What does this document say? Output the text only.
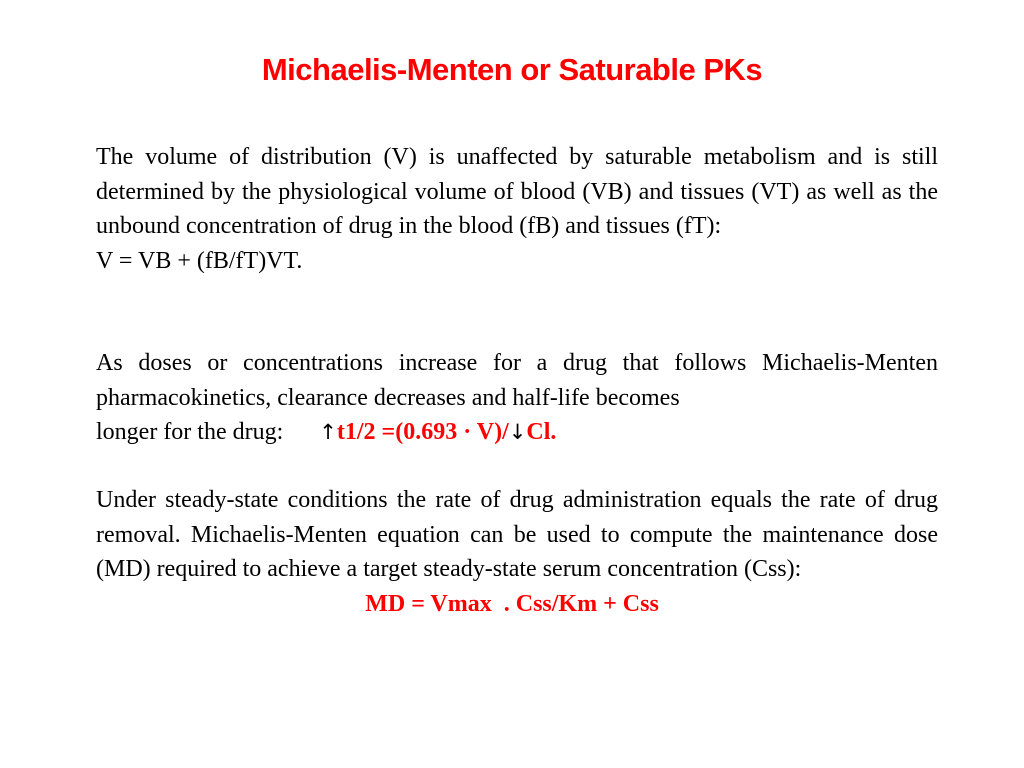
Michaelis-Menten or Saturable PKs
The volume of distribution (V) is unaffected by saturable metabolism and is still determined by the physiological volume of blood (VB) and tissues (VT) as well as the unbound concentration of drug in the blood (fB) and tissues (fT):
V = VB + (fB/fT)VT.
As doses or concentrations increase for a drug that follows Michaelis-Menten pharmacokinetics, clearance decreases and half-life becomes
longer for the drug: ↑t1/2 =(0.693 · V)/↓Cl.
Under steady-state conditions the rate of drug administration equals the rate of drug removal. Michaelis-Menten equation can be used to compute the maintenance dose (MD) required to achieve a target steady-state serum concentration (Css):
MD = Vmax  . Css/Km + Css
